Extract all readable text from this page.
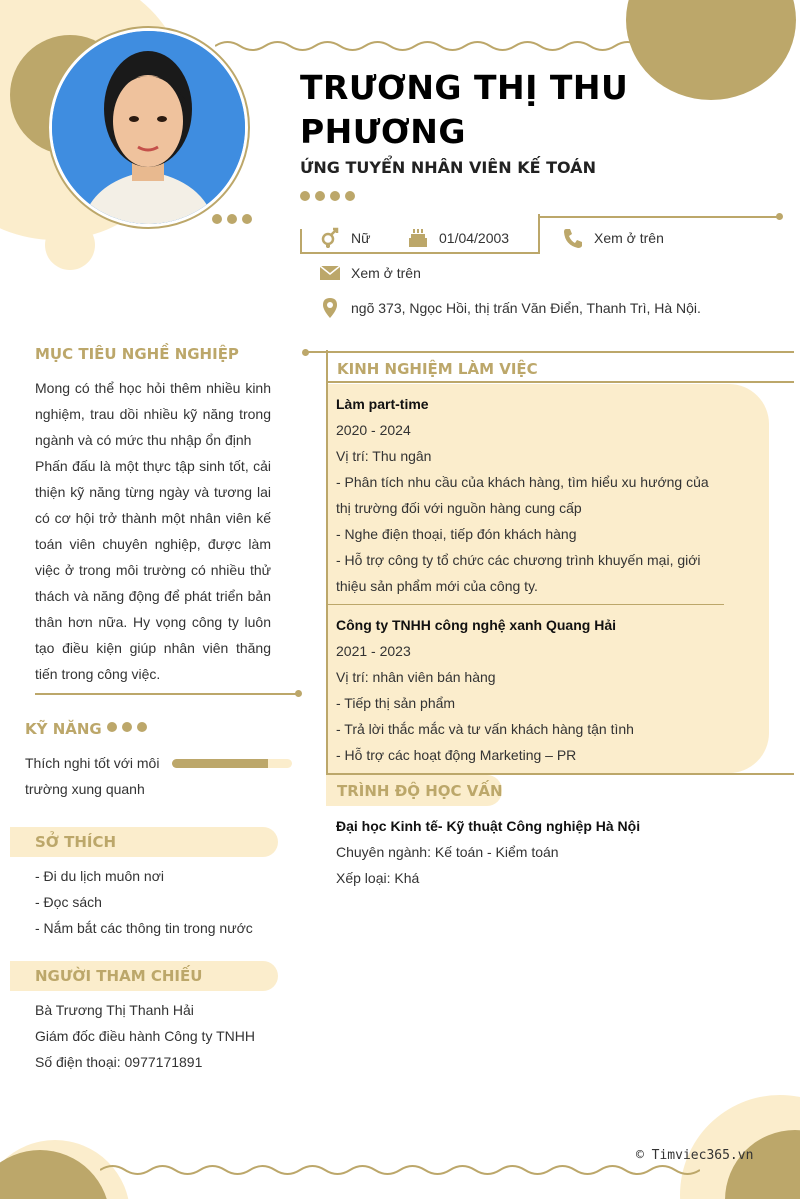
TRƯƠNG THỊ THU PHƯƠNG
ỨNG TUYỂN NHÂN VIÊN KẾ TOÁN
Nữ	01/04/2003	Xem ở trên
Xem ở trên
ngõ 373, Ngọc Hồi, thị trấn Văn Điển, Thanh Trì, Hà Nội.
MỤC TIÊU NGHỀ NGHIỆP
Mong có thể học hỏi thêm nhiều kinh nghiệm, trau dồi nhiều kỹ năng trong ngành và có mức thu nhập ổn định
Phấn đấu là một thực tập sinh tốt, cải thiện kỹ năng từng ngày và tương lai có cơ hội trở thành một nhân viên kế toán viên chuyên nghiệp, được làm việc ở trong môi trường có nhiều thử thách và năng động để phát triển bản thân hơn nữa. Hy vọng công ty luôn tạo điều kiện giúp nhân viên thăng tiến trong công việc.
KỸ NĂNG
Thích nghi tốt với môi trường xung quanh
SỞ THÍCH
- Đi du lịch muôn nơi
- Đọc sách
- Nắm bắt các thông tin trong nước
NGƯỜI THAM CHIẾU
Bà Trương Thị Thanh Hải
Giám đốc điều hành Công ty TNHH
Số điện thoại: 0977171891
KINH NGHIỆM LÀM VIỆC
Làm part-time
2020 - 2024
Vị trí: Thu ngân
- Phân tích nhu cầu của khách hàng, tìm hiểu xu hướng của thị trường đối với nguồn hàng cung cấp
- Nghe điện thoại, tiếp đón khách hàng
- Hỗ trợ công ty tổ chức các chương trình khuyến mại, giới thiệu sản phẩm mới của công ty.
Công ty TNHH công nghệ xanh Quang Hải
2021 - 2023
Vị trí: nhân viên bán hàng
- Tiếp thị sản phẩm
- Trả lời thắc mắc và tư vấn khách hàng tận tình
- Hỗ trợ các hoạt động Marketing – PR
TRÌNH ĐỘ HỌC VẤN
Đại học Kinh tế- Kỹ thuật Công nghiệp Hà Nội
Chuyên ngành: Kế toán - Kiểm toán
Xếp loại: Khá
© Timviec365.vn
